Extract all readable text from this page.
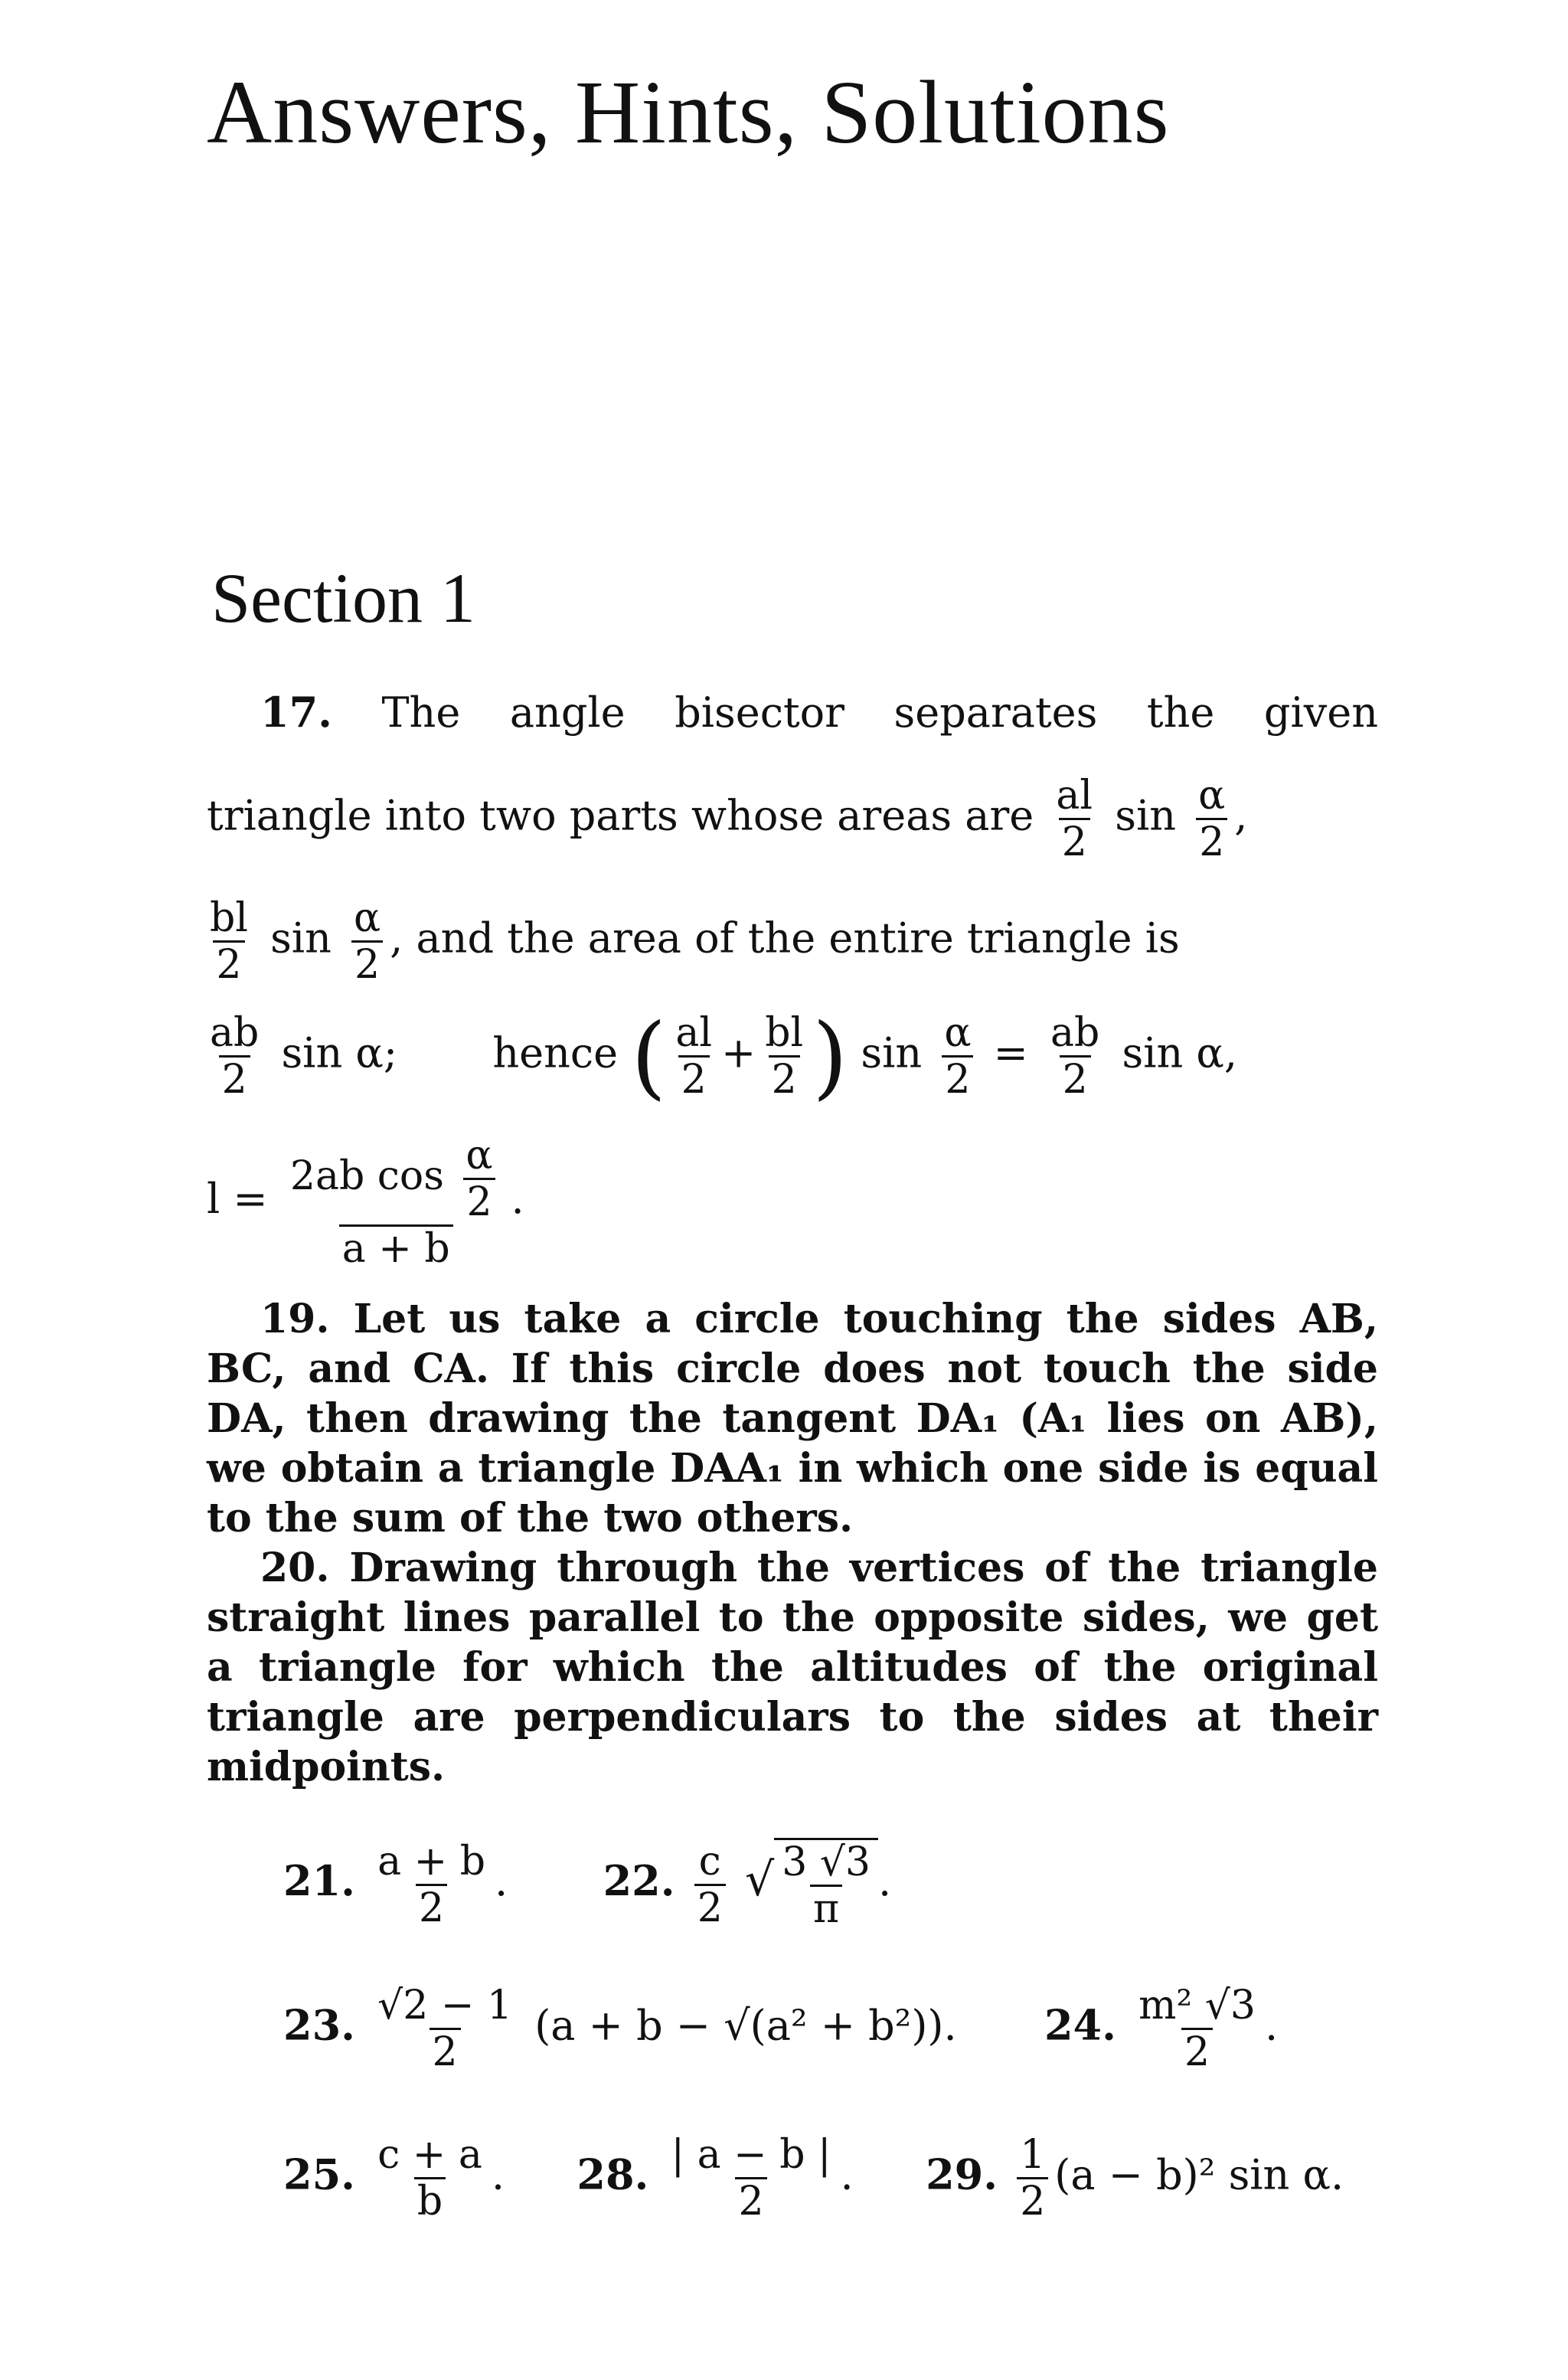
Answers, Hints, Solutions
Section 1
17. The angle bisector separates the given
triangle into two parts whose areas are $\frac{al}{2}$ $\sin \frac{\alpha}{2}$ ,
$\frac{bl}{2}$ $\sin \frac{\alpha}{2}$ , and the area of the entire triangle is
$\frac{ab}{2}$ sin α; hence ( $\frac{al}{2} + \frac{bl}{2}$ ) $\sin \frac{\alpha}{2} = \frac{ab}{2}$ sin α,
$l = \frac{2ab \cos \frac{\alpha}{2}}{a + b}$ .
19. Let us take a circle touching the sides AB, BC, and CA. If this circle does not touch the side DA, then drawing the tangent DA₁ (A₁ lies on AB), we obtain a triangle DAA₁ in which one side is equal to the sum of the two others.
20. Drawing through the vertices of the triangle straight lines parallel to the opposite sides, we get a triangle for which the altitudes of the original triangle are perpendiculars to the sides at their midpoints.
21. $\frac{a + b}{2}$ .  22. $\frac{c}{2}$ √ $\frac{3 √3}{\pi}$ .
23. $\frac{√2 - 1}{2} (a + b - √(a^2 + b^2))$.  24. $\frac{\text{m² √3}}{2}$ .
25. $\frac{c + a}{b}$ .  28. $\frac{| a - b |}{2}$ .  29. $\frac{1}{2} (a - b)^2$ sin α.
